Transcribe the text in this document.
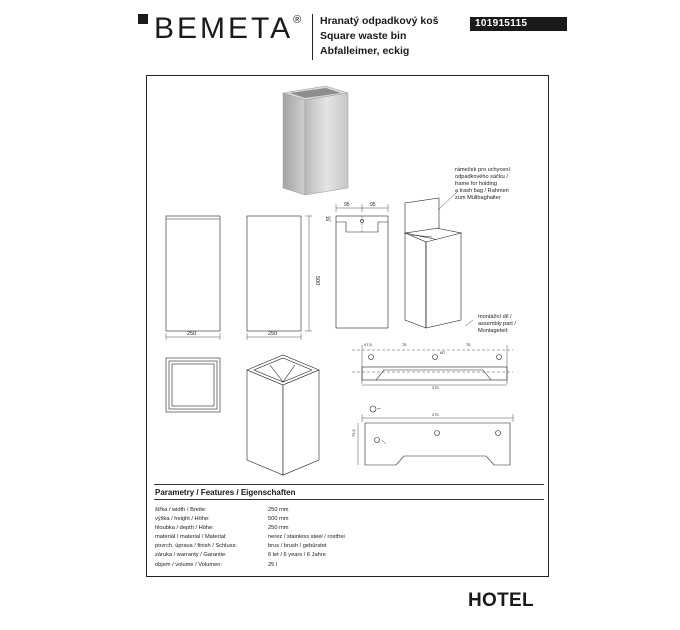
BEMETA® Hranatý odpadkový koš
Square waste bin
Abfalleimer, eckig
101915115
250	250
500
95	95
15
47,5	75	75
Ø7
270
270
75,5
rámeček pro uchycení
odpadkového sáčku /
frame for holding
a trash bag / Rahmen
zum Müllbaghalter
montážní díl /
assembly part /
Montageteil:
Parametry / Features / Eigenschaften
šířka / width / Breite:	250 mm
výška / height / Höhe:	500 mm
hloubka / depth / Höhe:	250 mm
materiál / material / Material:	nerez / stainless steel / rostfrei
povrch. úprava / finish / Schluss:	brus / brush / gebürstet
záruka / warranty / Garantie:	6 let / 6 years / 6 Jahre
objem / volume / Volumen:	25 l
HOTEL
